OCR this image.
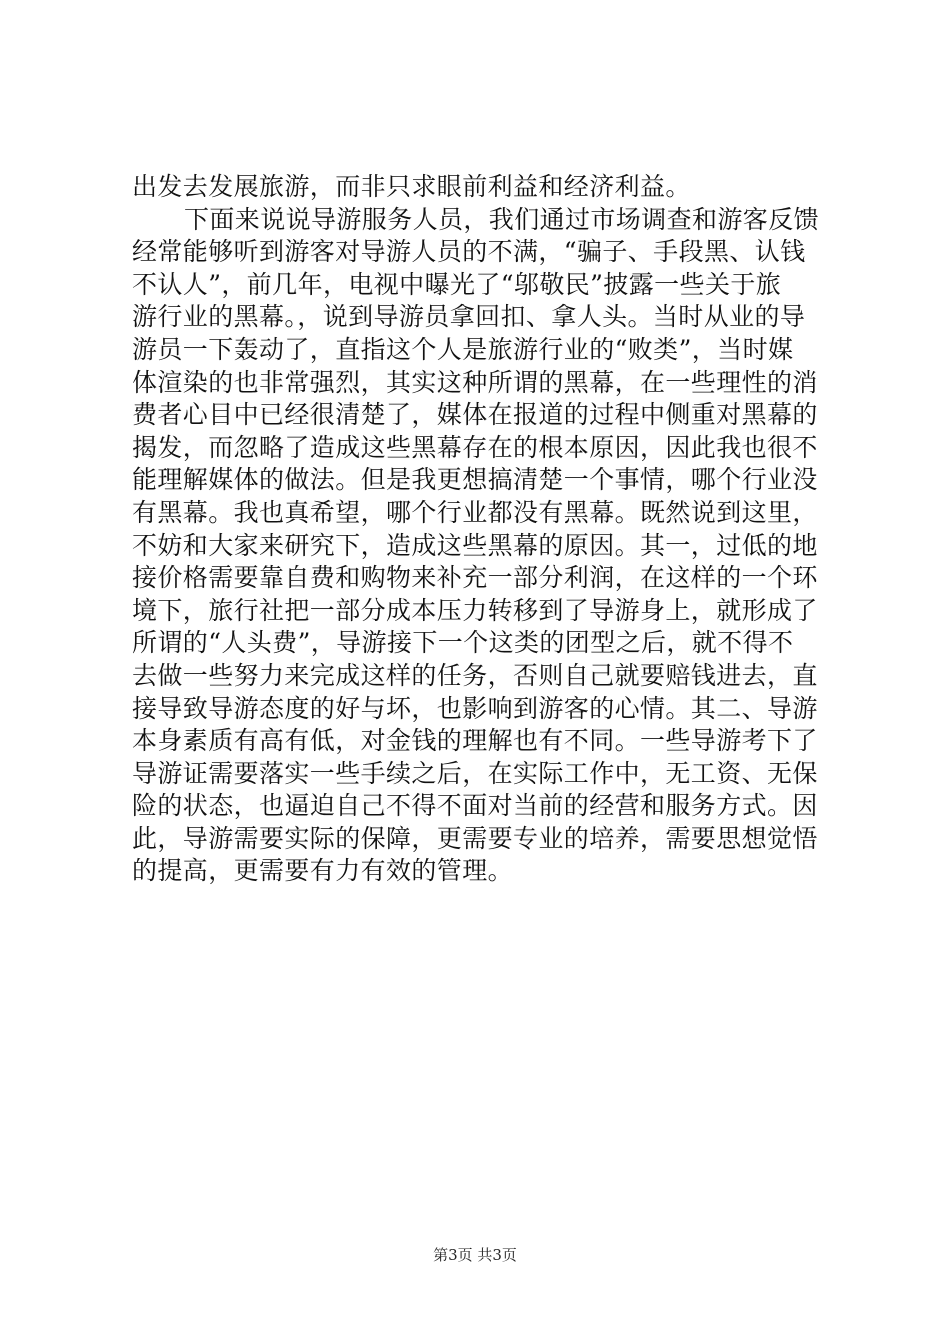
出发去发展旅游，而非只求眼前利益和经济利益。
下面来说说导游服务人员，我们通过市场调查和游客反馈
经常能够听到游客对导游人员的不满，“骗子、手段黑、认钱
不认人”，前几年，电视中曝光了“邬敬民”披露一些关于旅
游行业的黑幕。，说到导游员拿回扣、拿人头。当时从业的导
游员一下轰动了，直指这个人是旅游行业的“败类”，当时媒
体渲染的也非常强烈，其实这种所谓的黑幕，在一些理性的消
费者心目中已经很清楚了，媒体在报道的过程中侧重对黑幕的
揭发，而忽略了造成这些黑幕存在的根本原因，因此我也很不
能理解媒体的做法。但是我更想搞清楚一个事情，哪个行业没
有黑幕。我也真希望，哪个行业都没有黑幕。既然说到这里，
不妨和大家来研究下，造成这些黑幕的原因。其一，过低的地
接价格需要靠自费和购物来补充一部分利润，在这样的一个环
境下，旅行社把一部分成本压力转移到了导游身上，就形成了
所谓的“人头费”，导游接下一个这类的团型之后，就不得不
去做一些努力来完成这样的任务，否则自己就要赔钱进去，直
接导致导游态度的好与坏，也影响到游客的心情。其二、导游
本身素质有高有低，对金钱的理解也有不同。一些导游考下了
导游证需要落实一些手续之后，在实际工作中，无工资、无保
险的状态，也逼迫自己不得不面对当前的经营和服务方式。因
此，导游需要实际的保障，更需要专业的培养，需要思想觉悟
的提高，更需要有力有效的管理。
第3页 共3页
